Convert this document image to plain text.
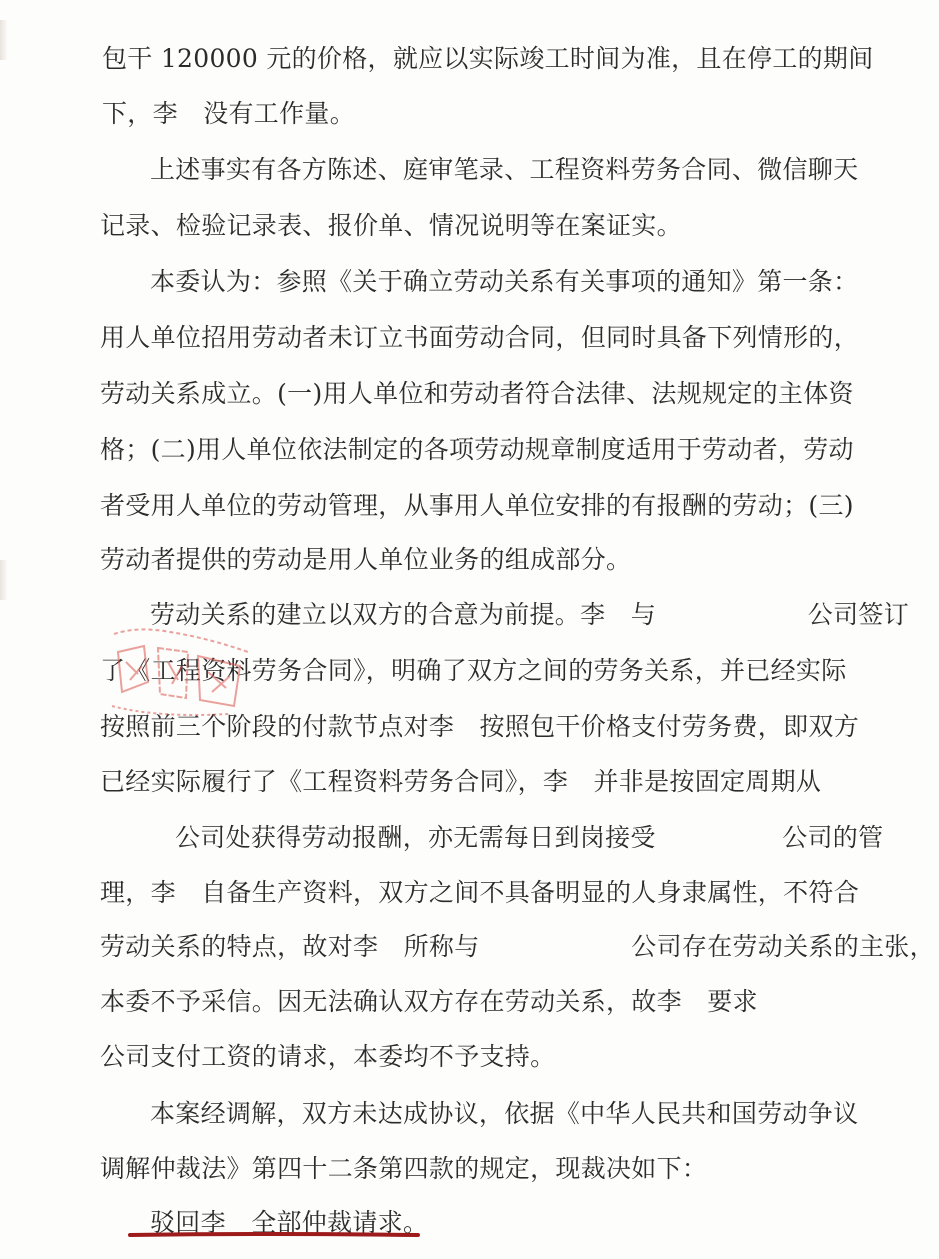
包干 120000 元的价格，就应以实际竣工时间为准，且在停工的期间
下，李　没有工作量。
上述事实有各方陈述、庭审笔录、工程资料劳务合同、微信聊天
记录、检验记录表、报价单、情况说明等在案证实。
本委认为：参照《关于确立劳动关系有关事项的通知》第一条：
用人单位招用劳动者未订立书面劳动合同，但同时具备下列情形的，
劳动关系成立。(一)用人单位和劳动者符合法律、法规规定的主体资
格；(二)用人单位依法制定的各项劳动规章制度适用于劳动者，劳动
者受用人单位的劳动管理，从事用人单位安排的有报酬的劳动；(三)
劳动者提供的劳动是用人单位业务的组成部分。
劳动关系的建立以双方的合意为前提。李　与　　　　　　公司签订
了《工程资料劳务合同》，明确了双方之间的劳务关系，并已经实际
按照前三个阶段的付款节点对李　按照包干价格支付劳务费，即双方
已经实际履行了《工程资料劳务合同》，李　并非是按固定周期从
公司处获得劳动报酬，亦无需每日到岗接受　　　　　公司的管
理，李　自备生产资料，双方之间不具备明显的人身隶属性，不符合
劳动关系的特点，故对李　所称与　　　　　　公司存在劳动关系的主张，
本委不予采信。因无法确认双方存在劳动关系，故李　要求
公司支付工资的请求，本委均不予支持。
本案经调解，双方未达成协议，依据《中华人民共和国劳动争议
调解仲裁法》第四十二条第四款的规定，现裁决如下：
驳回李　全部仲裁请求。
